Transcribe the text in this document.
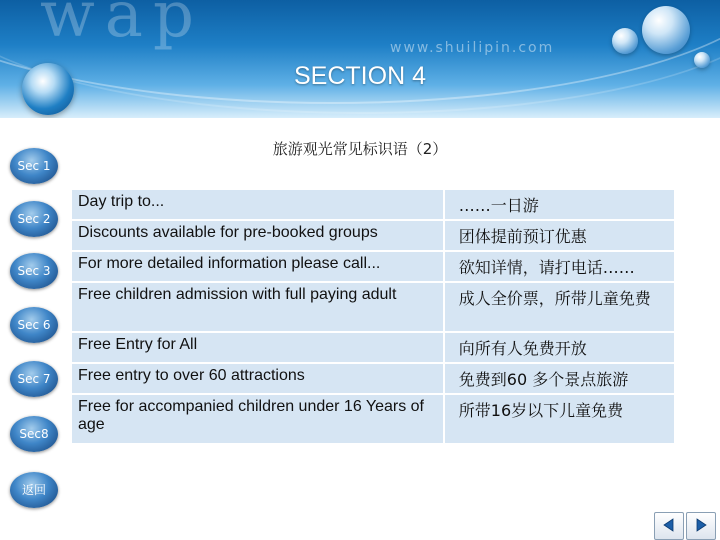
wap	www.shuilipin.com
SECTION 4
旅游观光常见标识语（2）
Sec 1
Sec 2
Sec 3
Sec 6
Sec 7
Sec8
返回
Day trip to...	……一日游
Discounts available for pre-booked groups	团体提前预订优惠
For more detailed information please call...	欲知详情，请打电话……
Free children admission with full paying adult	成人全价票，所带儿童免费
Free Entry for All	向所有人免费开放
Free entry to over 60 attractions	免费到60 多个景点旅游
Free for accompanied children under 16 Years of age	所带16岁以下儿童免费
